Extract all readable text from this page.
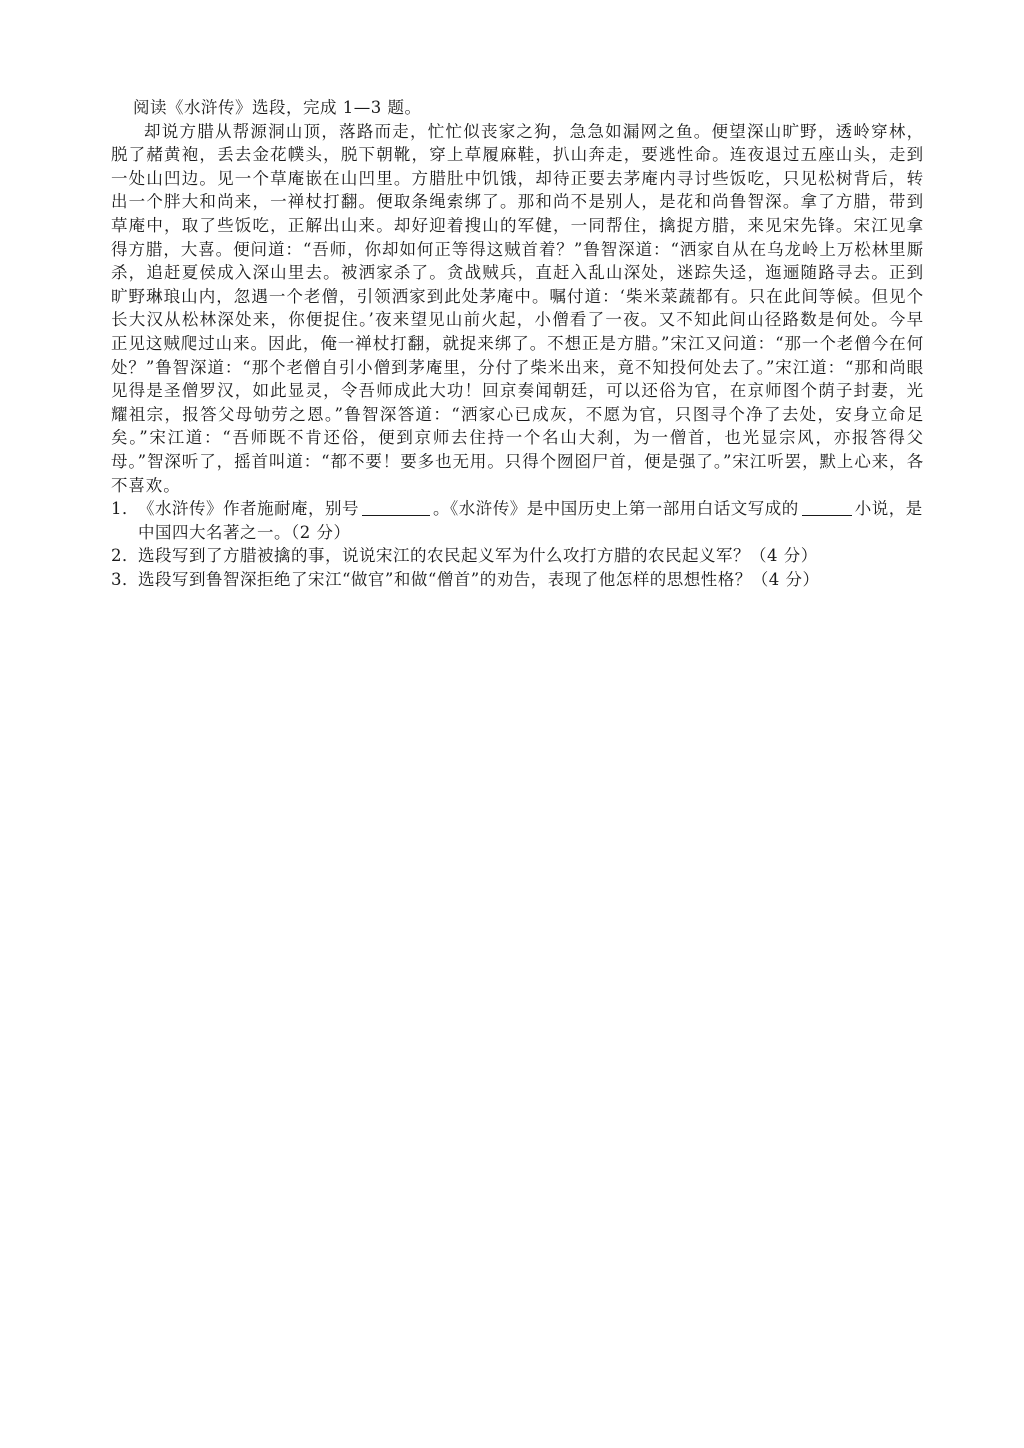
阅读《水浒传》选段，完成 1—3 题。

却说方腊从帮源洞山顶，落路而走，忙忙似丧家之狗，急急如漏网之鱼。便望深山旷野，透岭穿林，脱了赭黄袍，丢去金花幞头，脱下朝靴，穿上草履麻鞋，扒山奔走，要逃性命。连夜退过五座山头，走到一处山凹边。见一个草庵嵌在山凹里。方腊肚中饥饿，却待正要去茅庵内寻讨些饭吃，只见松树背后，转出一个胖大和尚来，一禅杖打翻。便取条绳索绑了。那和尚不是别人，是花和尚鲁智深。拿了方腊，带到草庵中，取了些饭吃，正解出山来。却好迎着搜山的军健，一同帮住，擒捉方腊，来见宋先锋。宋江见拿得方腊，大喜。便问道：“吾师，你却如何正等得这贼首着？”鲁智深道：“洒家自从在乌龙岭上万松林里厮杀，追赶夏侯成入深山里去。被洒家杀了。贪战贼兵，直赶入乱山深处，迷踪失迳，迤逦随路寻去。正到旷野琳琅山内，忽遇一个老僧，引领洒家到此处茅庵中。嘱付道：‘柴米菜蔬都有。只在此间等候。但见个长大汉从松林深处来，你便捉住。’夜来望见山前火起，小僧看了一夜。又不知此间山径路数是何处。今早正见这贼爬过山来。因此，俺一禅杖打翻，就捉来绑了。不想正是方腊。”宋江又问道：“那一个老僧今在何处？”鲁智深道：“那个老僧自引小僧到茅庵里，分付了柴米出来，竟不知投何处去了。”宋江道：“那和尚眼见得是圣僧罗汉，如此显灵，令吾师成此大功！回京奏闻朝廷，可以还俗为官，在京师图个荫子封妻，光耀祖宗，报答父母劬劳之恩。”鲁智深答道：“洒家心已成灰，不愿为官，只图寻个净了去处，安身立命足矣。”宋江道：“吾师既不肯还俗，便到京师去住持一个名山大刹，为一僧首，也光显宗风，亦报答得父母。”智深听了，摇首叫道：“都不要！要多也无用。只得个囫囵尸首，便是强了。”宋江听罢，默上心来，各不喜欢。

1．《水浒传》作者施耐庵，别号	。《水浒传》是中国历史上第一部用白话文写成的	小说，是中国四大名著之一。（2 分）

2．选段写到了方腊被擒的事，说说宋江的农民起义军为什么攻打方腊的农民起义军？（4 分）

3．选段写到鲁智深拒绝了宋江“做官”和做“僧首”的劝告，表现了他怎样的思想性格？（4 分）
